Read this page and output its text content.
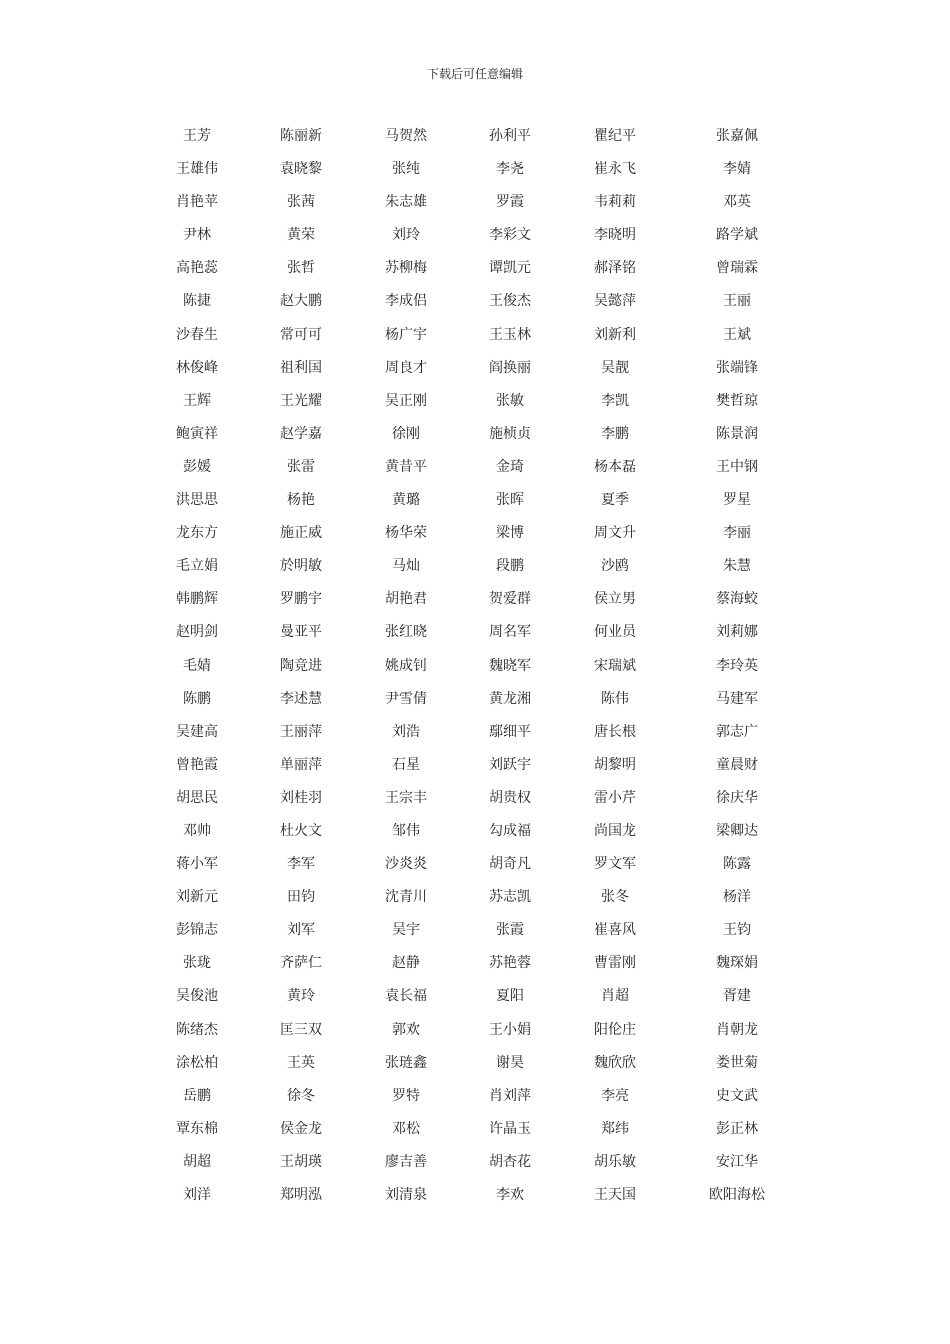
下载后可任意编辑
王芳	陈丽新	马贺然	孙利平	瞿纪平	张嘉佩
王雄伟	袁晓黎	张纯	李尧	崔永飞	李婧
肖艳苹	张茜	朱志雄	罗霞	韦莉莉	邓英
尹林	黄荣	刘玲	李彩文	李晓明	路学斌
高艳蕊	张哲	苏柳梅	谭凯元	郝泽铭	曾瑞霖
陈捷	赵大鹏	李成侣	王俊杰	吴懿萍	王丽
沙春生	常可可	杨广宇	王玉林	刘新利	王斌
林俊峰	祖利国	周良才	阎换丽	吴靓	张端锋
王辉	王光耀	吴正刚	张敏	李凯	樊哲琼
鲍寅祥	赵学嘉	徐刚	施桢贞	李鹏	陈景润
彭媛	张雷	黄昔平	金琦	杨本磊	王中钢
洪思思	杨艳	黄璐	张晖	夏季	罗星
龙东方	施正威	杨华荣	梁博	周文升	李丽
毛立娟	於明敏	马灿	段鹏	沙鸥	朱慧
韩鹏辉	罗鹏宇	胡艳君	贺爱群	侯立男	蔡海蛟
赵明剑	曼亚平	张红晓	周名军	何业员	刘莉娜
毛婧	陶竞进	姚成钊	魏晓军	宋瑞斌	李玲英
陈鹏	李述慧	尹雪倩	黄龙湘	陈伟	马建军
吴建高	王丽萍	刘浩	鄢细平	唐长根	郭志广
曾艳霞	单丽萍	石星	刘跃宇	胡黎明	童晨财
胡思民	刘桂羽	王宗丰	胡贵权	雷小芹	徐庆华
邓帅	杜火文	邹伟	勾成福	尚国龙	梁卿达
蒋小军	李军	沙炎炎	胡奇凡	罗文军	陈露
刘新元	田钧	沈青川	苏志凯	张冬	杨洋
彭锦志	刘军	吴宇	张霞	崔喜风	王钧
张珑	齐萨仁	赵静	苏艳蓉	曹雷刚	魏琛娟
吴俊池	黄玲	袁长福	夏阳	肖超	胥建
陈绪杰	匡三双	郭欢	王小娟	阳伦庄	肖朝龙
涂松柏	王英	张琏鑫	谢昊	魏欣欣	娄世菊
岳鹏	徐冬	罗特	肖刘萍	李亮	史文武
覃东棉	侯金龙	邓松	许晶玉	郑纬	彭正林
胡超	王胡瑛	廖吉善	胡杏花	胡乐敏	安江华
刘洋	郑明泓	刘清泉	李欢	王天国	欧阳海松
